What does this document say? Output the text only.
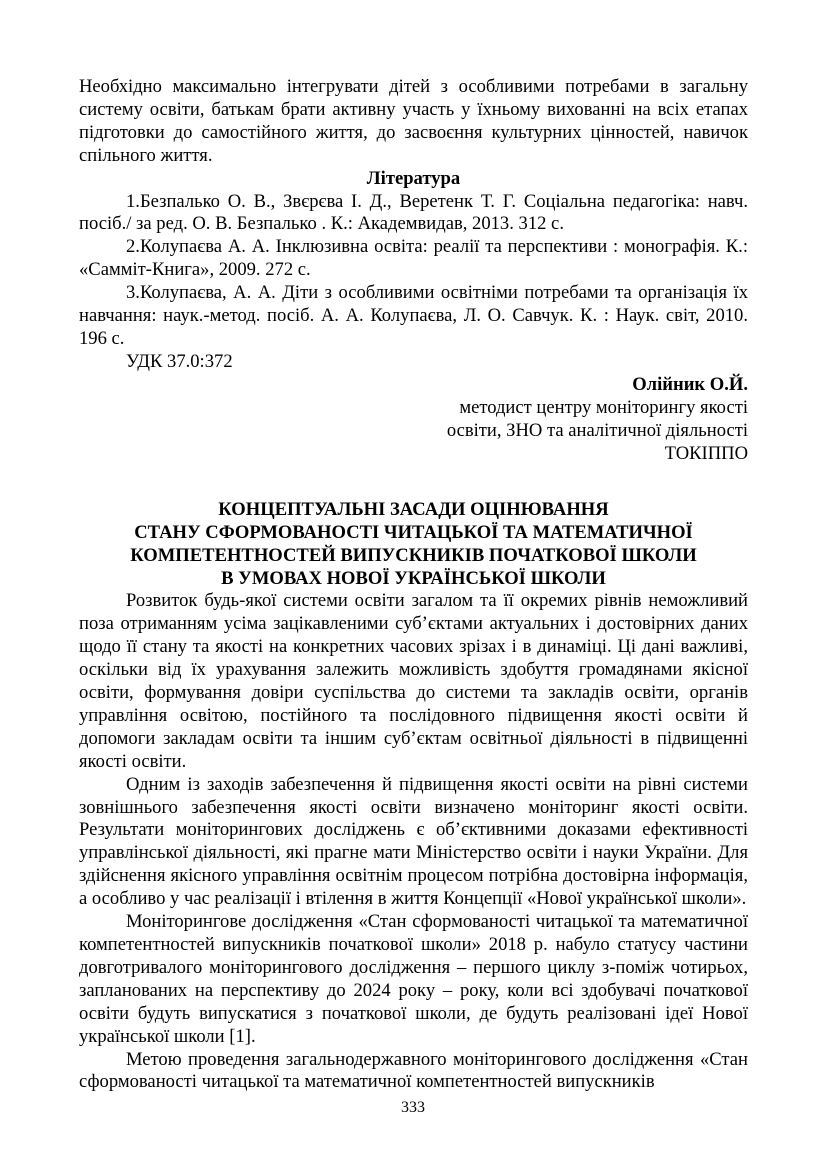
Необхідно максимально інтегрувати дітей з особливими потребами в загальну систему освіти, батькам брати активну участь у їхньому вихованні на всіх етапах підготовки до самостійного життя, до засвоєння культурних цінностей, навичок спільного життя.

Література

1.Безпалько О. В., Звєрєва І. Д., Веретенк Т. Г. Соціальна педагогіка: навч. посіб./ за ред. О. В. Безпалько . К.: Академвидав, 2013. 312 с.

2.Колупаєва А. А. Інклюзивна освіта: реалії та перспективи : монографія. К.: «Самміт-Книга», 2009. 272 с.

3.Колупаєва, А. А. Діти з особливими освітніми потребами та організація їх навчання: наук.-метод. посіб. А. А. Колупаєва, Л. О. Савчук. К. : Наук. світ, 2010. 196 с.

УДК 37.0:372

Олійник О.Й.

методист центру моніторингу якості

освіти, ЗНО та аналітичної діяльності

ТОКІППО

КОНЦЕПТУАЛЬНІ ЗАСАДИ ОЦІНЮВАННЯ
СТАНУ СФОРМОВАНОСТІ ЧИТАЦЬКОЇ ТА МАТЕМАТИЧНОЇ
КОМПЕТЕНТНОСТЕЙ ВИПУСКНИКІВ ПОЧАТКОВОЇ ШКОЛИ
В УМОВАХ НОВОЇ УКРАЇНСЬКОЇ ШКОЛИ

Розвиток будь-якої системи освіти загалом та її окремих рівнів неможливий поза отриманням усіма зацікавленими суб’єктами актуальних і достовірних даних щодо її стану та якості на конкретних часових зрізах і в динаміці. Ці дані важливі, оскільки від їх урахування залежить можливість здобуття громадянами якісної освіти, формування довіри суспільства до системи та закладів освіти, органів управління освітою, постійного та послідовного підвищення якості освіти й допомоги закладам освіти та іншим суб’єктам освітньої діяльності в підвищенні якості освіти.

Одним із заходів забезпечення й підвищення якості освіти на рівні системи зовнішнього забезпечення якості освіти визначено моніторинг якості освіти. Результати моніторингових досліджень є об’єктивними доказами ефективності управлінської діяльності, які прагне мати Міністерство освіти і науки України. Для здійснення якісного управління освітнім процесом потрібна достовірна інформація, а особливо у час реалізації і втілення в життя Концепції «Нової української школи».

Моніторингове дослідження «Стан сформованості читацької та математичної компетентностей випускників початкової школи» 2018 р. набуло статусу частини довготривалого моніторингового дослідження – першого циклу з-поміж чотирьох, запланованих на перспективу до 2024 року – року, коли всі здобувачі початкової освіти будуть випускатися з початкової школи, де будуть реалізовані ідеї Нової української школи [1].

Метою проведення загальнодержавного моніторингового дослідження «Стан сформованості читацької та математичної компетентностей випускників

333
